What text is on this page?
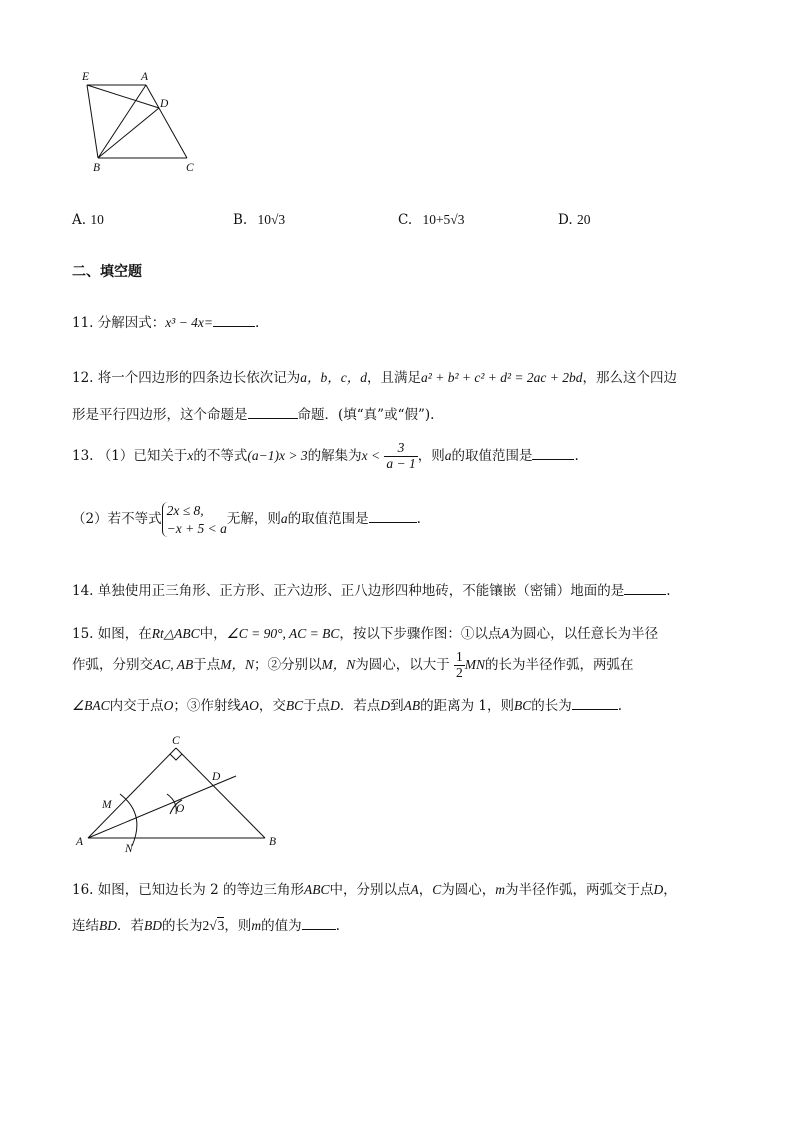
E	A
D
B	C
A. 10	B. 10√3	C. 10+5√3	D. 20
二、填空题
11. 分解因式：x³ − 4x=	.
12. 将一个四边形的四条边长依次记为a，b，c，d，且满足a² + b² + c² + d² = 2ac + 2bd，那么这个四边
形是平行四边形，这个命题是	命题．(填“真”或“假”).
13. （1）已知关于x的不等式(a−1)x > 3的解集为$x < \frac{3}{a - 1}$ ，则a的取值范围是	.
（2）若不等式
2x ≤ 8,
−x + 5 < a
无解，则a的取值范围是	.
14. 单独使用正三角形、正方形、正六边形、正八边形四种地砖，不能镶嵌（密铺）地面的是	.
15. 如图，在Rt△ABC中，∠C = 90°, AC = BC，按以下步骤作图：①以点A为圆心，以任意长为半径
作弧，分别交AC, AB于点M，N；②分别以M，N为圆心，以大于 $\frac{1}{2}$ MN的长为半径作弧，两弧在
∠BAC内交于点O；③作射线AO，交BC于点D．若点D到AB的距离为 1，则BC的长为	.
C
D
M	O
A
N
B
16. 如图，已知边长为 2 的等边三角形ABC中，分别以点A，C为圆心，m为半径作弧，两弧交于点D，
连结BD．若BD的长为2√3，则m的值为	.
